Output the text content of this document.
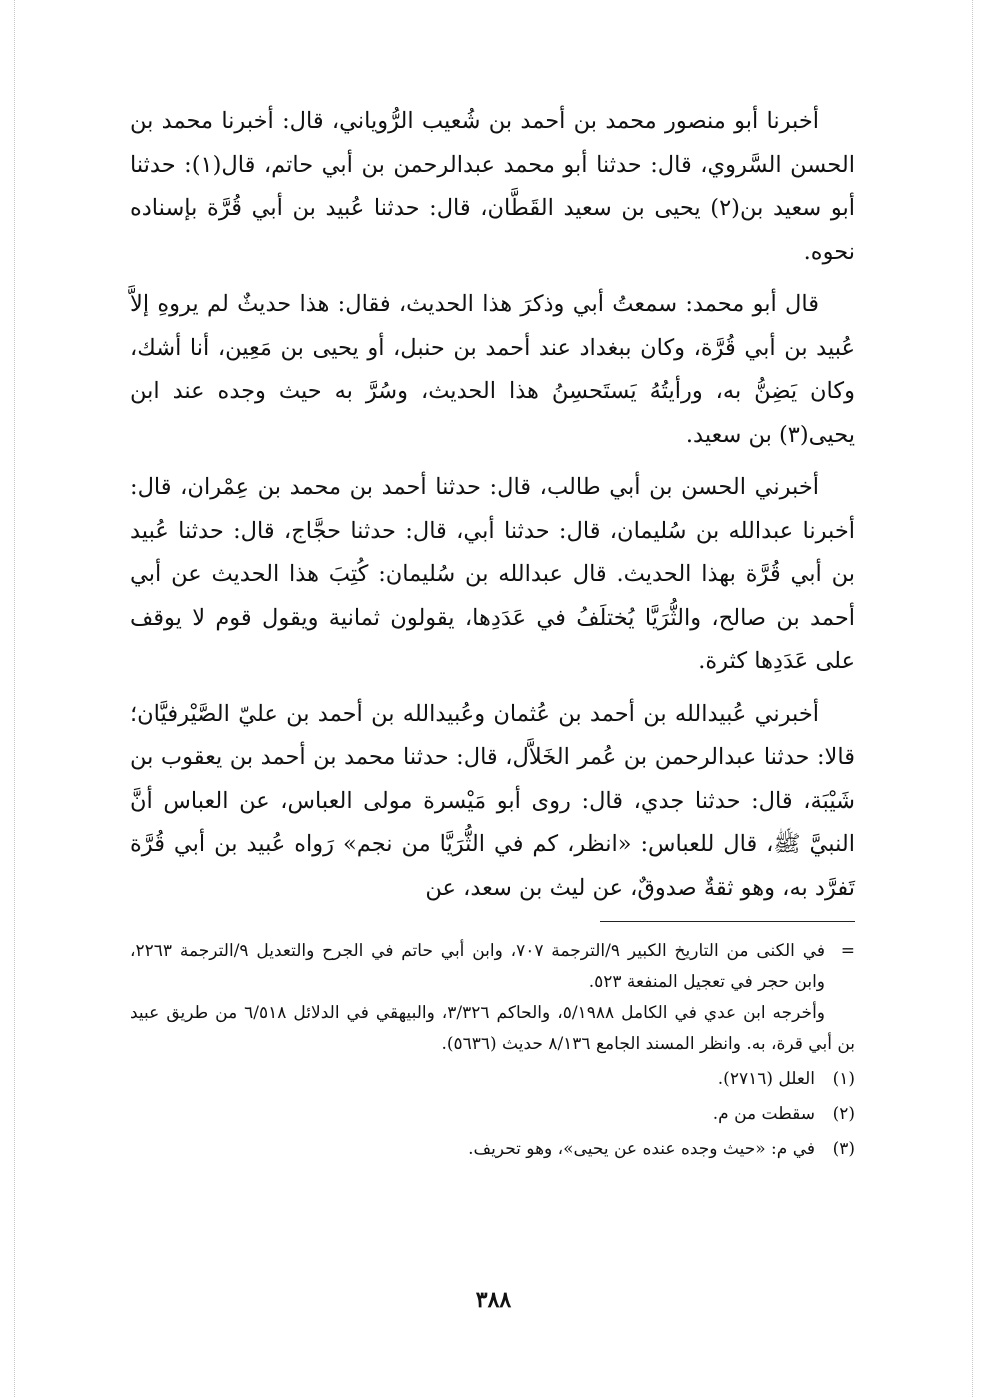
أخبرنا أبو منصور محمد بن أحمد بن شُعيب الرُّوياني، قال: أخبرنا محمد بن الحسن السَّروي، قال: حدثنا أبو محمد عبدالرحمن بن أبي حاتم، قال(١): حدثنا أبو سعيد بن(٢) يحيى بن سعيد القَطَّان، قال: حدثنا عُبيد بن أبي قُرَّة بإسناده نحوه.

قال أبو محمد: سمعتُ أبي وذكرَ هذا الحديث، فقال: هذا حديثٌ لم يروهِ إلاَّ عُبيد بن أبي قُرَّة، وكان ببغداد عند أحمد بن حنبل، أو يحيى بن مَعِين، أنا أشك، وكان يَضِنُّ به، ورأيتُهُ يَستَحسِنُ هذا الحديث، وسُرَّ به حيث وجده عند ابن يحيى(٣) بن سعيد.

أخبرني الحسن بن أبي طالب، قال: حدثنا أحمد بن محمد بن عِمْران، قال: أخبرنا عبدالله بن سُليمان، قال: حدثنا أبي، قال: حدثنا حجَّاج، قال: حدثنا عُبيد بن أبي قُرَّة بهذا الحديث. قال عبدالله بن سُليمان: كُتِبَ هذا الحديث عن أبي أحمد بن صالح، والثُّرَيَّا يُختلَفُ في عَدَدِها، يقولون ثمانية ويقول قوم لا يوقف على عَدَدِها كثرة.

أخبرني عُبيدالله بن أحمد بن عُثمان وعُبيدالله بن أحمد بن عليّ الصَّيْرفيَّان؛ قالا: حدثنا عبدالرحمن بن عُمر الخَلاَّل، قال: حدثنا محمد بن أحمد بن يعقوب بن شَيْبَة، قال: حدثنا جدي، قال: روى أبو مَيْسرة مولى العباس، عن العباس أنَّ النبيَّ ﷺ، قال للعباس: «انظر، كم في الثُّرَيَّا من نجم» رَواه عُبيد بن أبي قُرَّة تَفرَّد به، وهو ثقةٌ صدوقٌ، عن ليث بن سعد، عن

=
في الكنى من التاريخ الكبير ٩/الترجمة ٧٠٧، وابن أبي حاتم في الجرح والتعديل ٩/الترجمة ٢٢٦٣، وابن حجر في تعجيل المنفعة ٥٢٣.

وأخرجه ابن عدي في الكامل ٥/١٩٨٨، والحاكم ٣/٣٢٦، والبيهقي في الدلائل ٦/٥١٨ من طريق عبيد بن أبي قرة، به. وانظر المسند الجامع ٨/١٣٦ حديث (٥٦٣٦).

(١)العلل (٢٧١٦).

(٢)سقطت من م.

(٣)في م: «حيث وجده عنده عن يحيى»، وهو تحريف.

٣٨٨
